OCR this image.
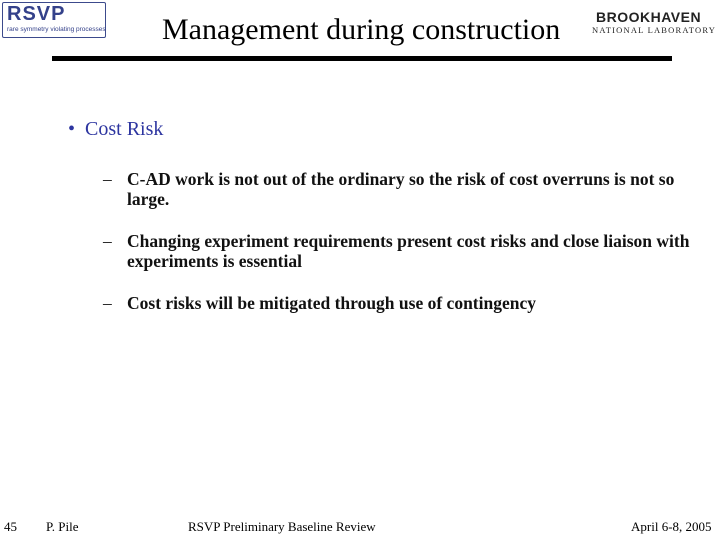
RSVP
rare symmetry violating processes Management during construction	BROOKHAVEN
NATIONAL LABORATORY
• Cost Risk
– C-AD work is not out of the ordinary so the risk of cost overruns is not so large.
– Changing experiment requirements present cost risks and close liaison with experiments is essential
– Cost risks will be mitigated through use of contingency
45 P. Pile	RSVP Preliminary Baseline Review	April 6-8, 2005
